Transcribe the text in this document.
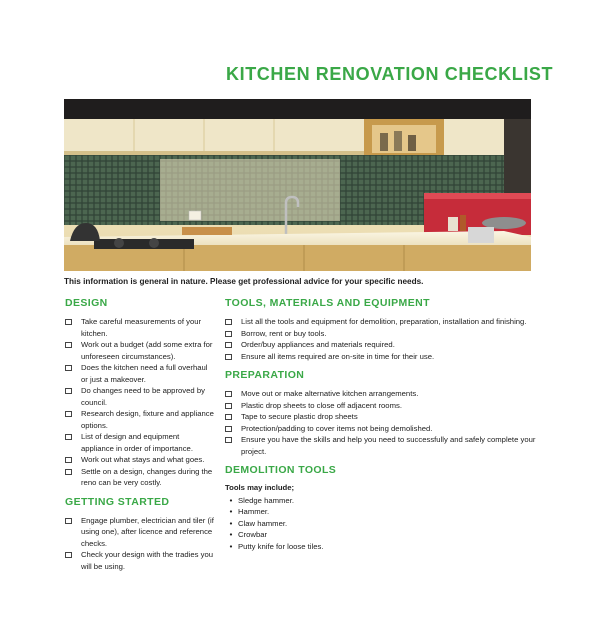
KITCHEN RENOVATION CHECKLIST
This information is general in nature. Please get professional advice for your specific needs.
DESIGN
Take careful measurements of your kitchen.
Work out a budget (add some extra for unforeseen circumstances).
Does the kitchen need a full overhaul or just a makeover.
Do changes need to be approved by council.
Research design, fixture and appliance options.
List of design and equipment appliance in order of importance.
Work out what stays and what goes.
Settle on a design, changes during the reno can be very costly.
GETTING STARTED
Engage plumber, electrician and tiler (if using one), after licence and reference checks.
Check your design with the tradies you will be using.
TOOLS, MATERIALS AND EQUIPMENT
List all the tools and equipment for demolition, preparation, installation and finishing.
Borrow, rent or buy tools.
Order/buy appliances and materials required.
Ensure all items required are on-site in time for their use.
PREPARATION
Move out or make alternative kitchen arrangements.
Plastic drop sheets to close off adjacent rooms.
Tape to secure plastic drop sheets
Protection/padding to cover items not being demolished.
Ensure you have the skills and help you need to successfully and safely complete your project.
DEMOLITION TOOLS
Tools may include;
• Sledge hammer.
• Hammer.
• Claw hammer.
• Crowbar
• Putty knife for loose tiles.
